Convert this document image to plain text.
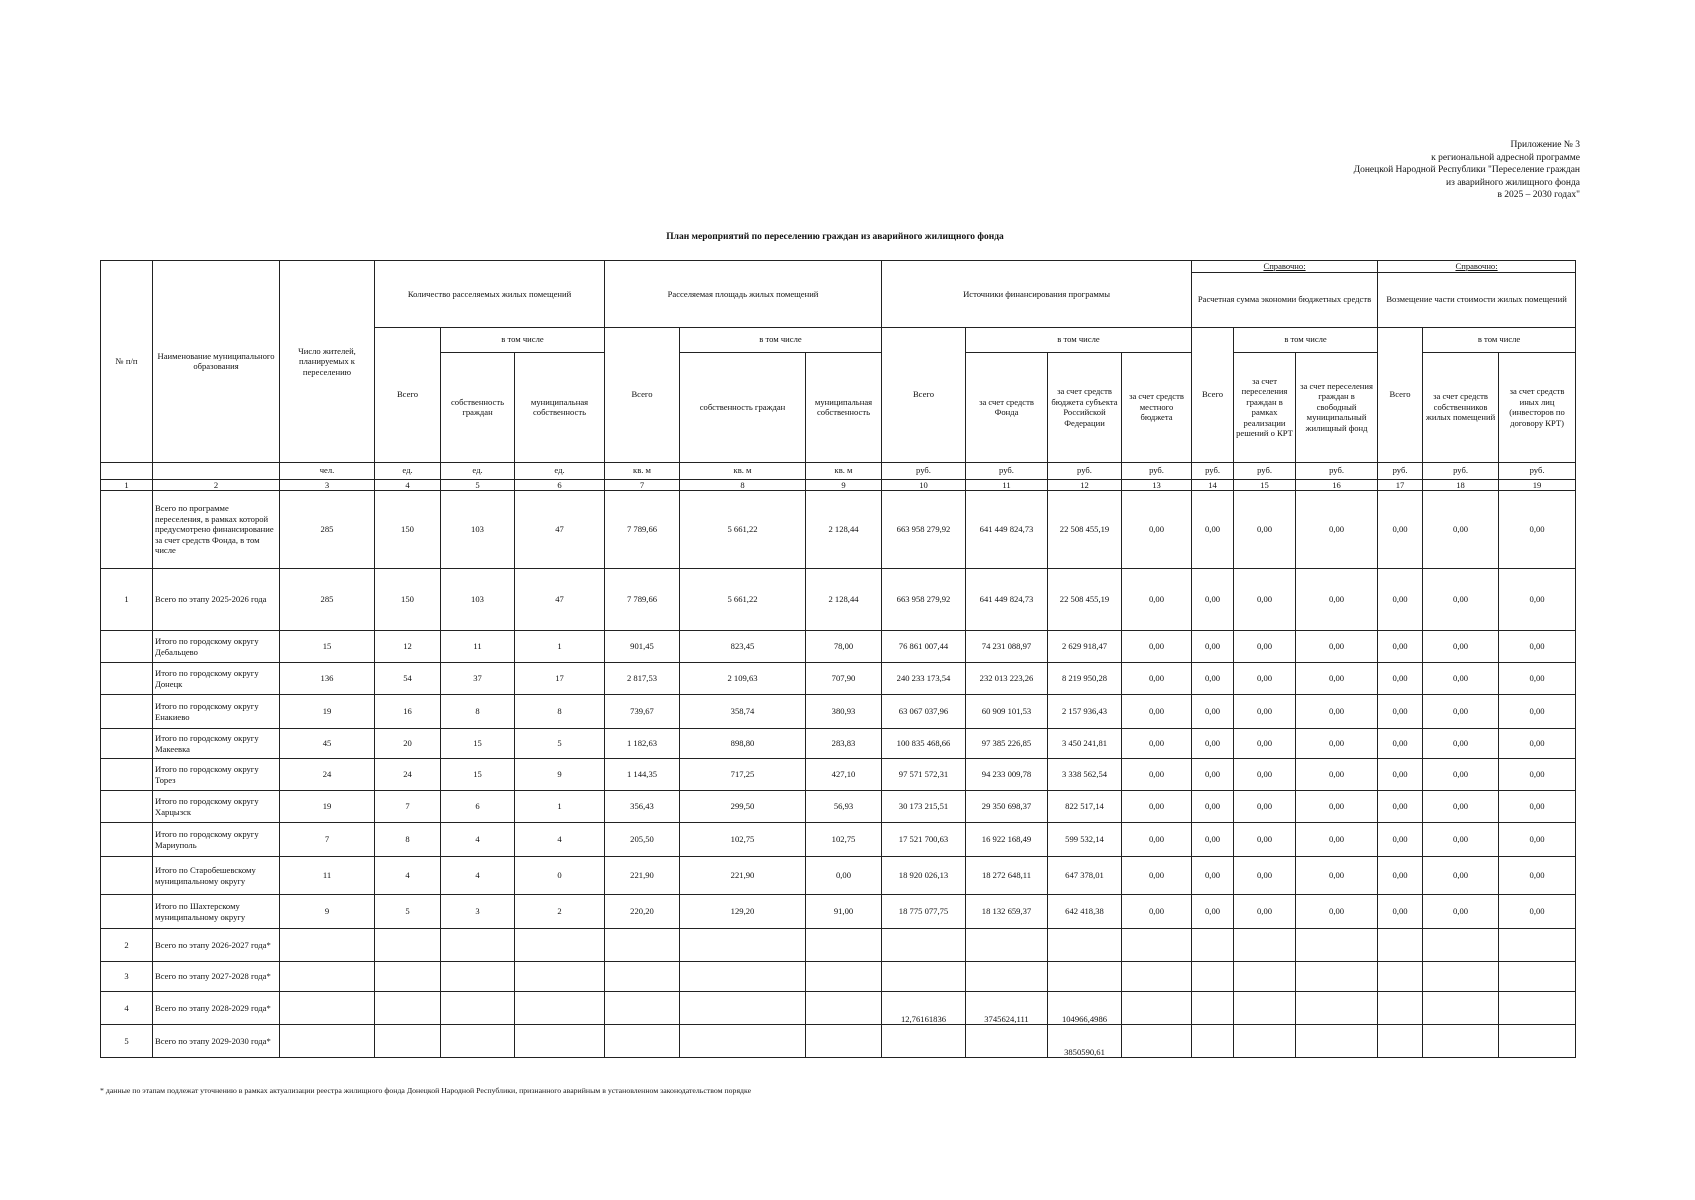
Приложение № 3
к региональной адресной программе
Донецкой Народной Республики "Переселение граждан
из аварийного жилищного фонда
в 2025 – 2030 годах"
План мероприятий по переселению граждан из аварийного жилищного фонда
№ п/п	Наименование муниципального образования	Число жителей, планируемых к переселению	Количество расселяемых жилых помещений			Расселяемая площадь жилых помещений			Источники финансирования программы				Справочно:			Справочно:		
													Расчетная сумма экономии бюджетных средств			Возмещение части стоимости жилых помещений		
			Всего	в том числе		Всего	в том числе		Всего	в том числе			Всего	в том числе		Всего	в том числе	
				собственность граждан	муниципальная собственность		собственность граждан	муниципальная собственность		за счет средств Фонда	за счет средств бюджета субъекта Российской Федерации	за счет средств местного бюджета		за счет переселения граждан в рамках реализации решений о КРТ	за счет переселения граждан в свободный муниципальный жилищный фонд		за счет средств собственников жилых помещений	за счет средств иных лиц (инвесторов по договору КРТ)
		чел.	ед.	ед.	ед.	кв. м	кв. м	кв. м	руб.	руб.	руб.	руб.	руб.	руб.	руб.	руб.	руб.	руб.
1	2	3	4	5	6	7	8	9	10	11	12	13	14	15	16	17	18	19
	Всего по программе переселения, в рамках которой предусмотрено финансирование за счет средств Фонда, в том числе	285	150	103	47	7 789,66	5 661,22	2 128,44	663 958 279,92	641 449 824,73	22 508 455,19	0,00	0,00	0,00	0,00	0,00	0,00	0,00
1	Всего по этапу 2025-2026 года	285	150	103	47	7 789,66	5 661,22	2 128,44	663 958 279,92	641 449 824,73	22 508 455,19	0,00	0,00	0,00	0,00	0,00	0,00	0,00
	Итого по городскому округу Дебальцево	15	12	11	1	901,45	823,45	78,00	76 861 007,44	74 231 088,97	2 629 918,47	0,00	0,00	0,00	0,00	0,00	0,00	0,00
	Итого по городскому округу Донецк	136	54	37	17	2 817,53	2 109,63	707,90	240 233 173,54	232 013 223,26	8 219 950,28	0,00	0,00	0,00	0,00	0,00	0,00	0,00
	Итого по городскому округу Енакиево	19	16	8	8	739,67	358,74	380,93	63 067 037,96	60 909 101,53	2 157 936,43	0,00	0,00	0,00	0,00	0,00	0,00	0,00
	Итого по городскому округу Макеевка	45	20	15	5	1 182,63	898,80	283,83	100 835 468,66	97 385 226,85	3 450 241,81	0,00	0,00	0,00	0,00	0,00	0,00	0,00
	Итого по городскому округу Торез	24	24	15	9	1 144,35	717,25	427,10	97 571 572,31	94 233 009,78	3 338 562,54	0,00	0,00	0,00	0,00	0,00	0,00	0,00
	Итого по городскому округу Харцызск	19	7	6	1	356,43	299,50	56,93	30 173 215,51	29 350 698,37	822 517,14	0,00	0,00	0,00	0,00	0,00	0,00	0,00
	Итого по городскому округу Мариуполь	7	8	4	4	205,50	102,75	102,75	17 521 700,63	16 922 168,49	599 532,14	0,00	0,00	0,00	0,00	0,00	0,00	0,00
	Итого по Старобешевскому муниципальному округу	11	4	4	0	221,90	221,90	0,00	18 920 026,13	18 272 648,11	647 378,01	0,00	0,00	0,00	0,00	0,00	0,00	0,00
	Итого по Шахтерскому муниципальному округу	9	5	3	2	220,20	129,20	91,00	18 775 077,75	18 132 659,37	642 418,38	0,00	0,00	0,00	0,00	0,00	0,00	0,00
2	Всего по этапу 2026-2027 года*																	
3	Всего по этапу 2027-2028 года*																	
4	Всего по этапу 2028-2029 года*								12,76161836	3745624,111	104966,4986							
5	Всего по этапу 2029-2030 года*										3850590,61							
* данные по этапам подлежат уточнению в рамках актуализации реестра жилищного фонда Донецкой Народной Республики, признанного аварийным в установленном законодательством порядке
